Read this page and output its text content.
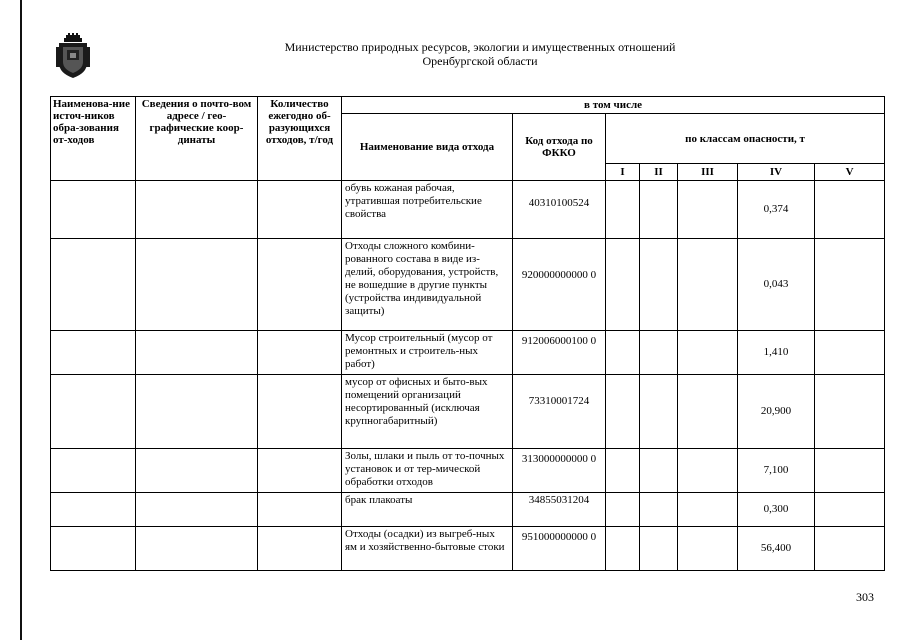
Министерство природных ресурсов, экологии и имущественных отношений
Оренбургской области
Наименова-ние источ-ников обра-зования от-ходов	Сведения о почто-вом адресе / гео-графические коор-динаты	Количество ежегодно об-разующихся отходов, т/год	в том числе						
			Наименование вида отхода	Код отхода по ФККО	по классам опасности, т				
					I	II	III	IV	V
			обувь кожаная рабочая, утратившая потребительские свойства	40310100524				0,374	
			Отходы сложного комбини-рованного состава в виде из-делий, оборудования, устройств, не вошедшие в другие пункты (устройства индивидуальной защиты)	920000000000 0				0,043	
			Мусор строительный (мусор от ремонтных и строитель-ных работ)	912006000100 0				1,410	
			мусор от офисных и быто-вых помещений организаций несортированный (исключая крупногабаритный)	73310001724				20,900	
			Золы, шлаки и пыль от то-почных установок и от тер-мической обработки отходов	313000000000 0				7,100	
			брак плакоаты	34855031204				0,300	
			Отходы (осадки) из выгреб-ных ям и хозяйственно-бытовые стоки	951000000000 0				56,400	
303
